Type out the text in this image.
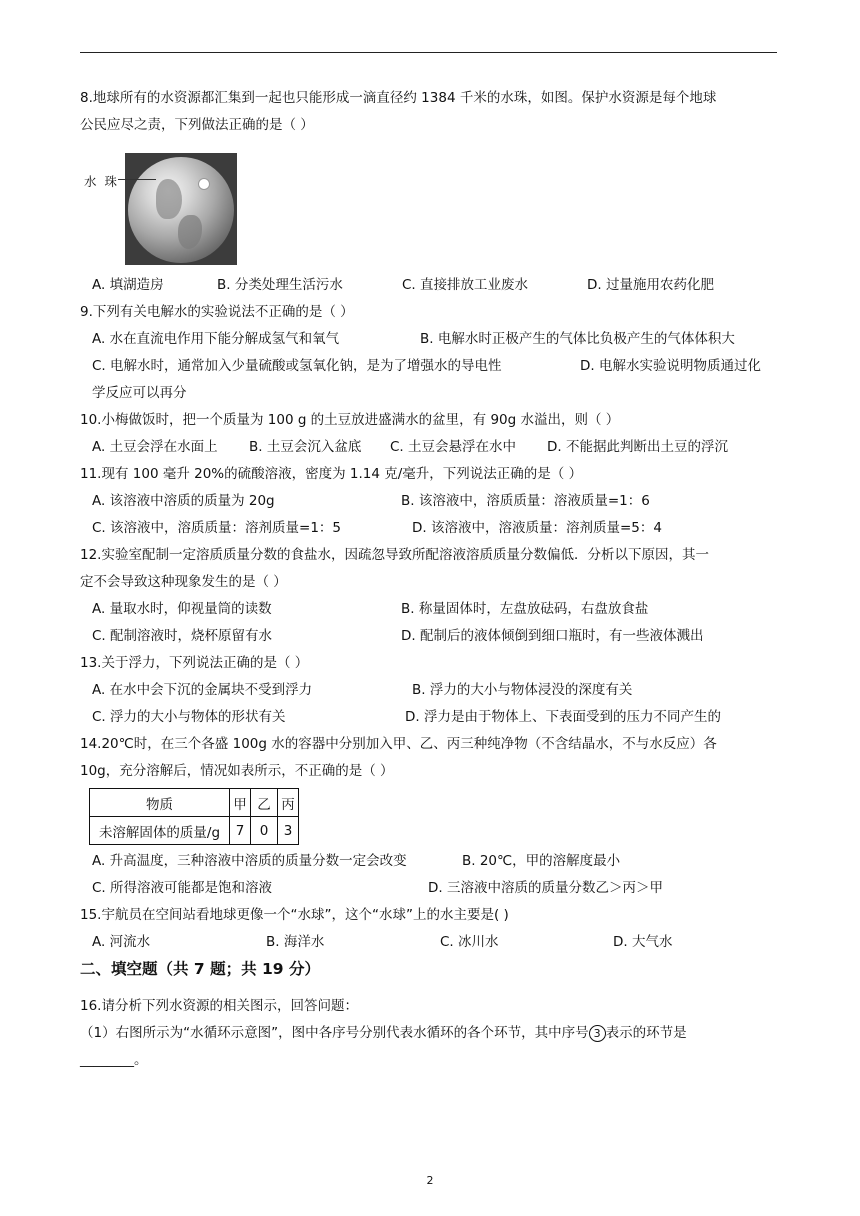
8.地球所有的水资源都汇集到一起也只能形成一滴直径约 1384 千米的水珠，如图。保护水资源是每个地球
公民应尽之责，下列做法正确的是（ ）
水 珠
A. 填湖造房	B. 分类处理生活污水	C. 直接排放工业废水	D. 过量施用农药化肥
9.下列有关电解水的实验说法不正确的是（ ）
A. 水在直流电作用下能分解成氢气和氧气	B. 电解水时正极产生的气体比负极产生的气体体积大
C. 电解水时，通常加入少量硫酸或氢氧化钠，是为了增强水的导电性	D. 电解水实验说明物质通过化
学反应可以再分
10.小梅做饭时，把一个质量为 100 g 的土豆放进盛满水的盆里，有 90g 水溢出，则（ ）
A. 土豆会浮在水面上 B. 土豆会沉入盆底 C. 土豆会悬浮在水中 D. 不能据此判断出土豆的浮沉
11.现有 100 毫升 20%的硫酸溶液，密度为 1.14 克/毫升，下列说法正确的是（ ）
A. 该溶液中溶质的质量为 20g	B. 该溶液中，溶质质量：溶液质量=1：6
C. 该溶液中，溶质质量：溶剂质量=1：5	D. 该溶液中，溶液质量：溶剂质量=5：4
12.实验室配制一定溶质质量分数的食盐水，因疏忽导致所配溶液溶质质量分数偏低．分析以下原因，其一
定不会导致这种现象发生的是（ ）
A. 量取水时，仰视量筒的读数	B. 称量固体时，左盘放砝码，右盘放食盐
C. 配制溶液时，烧杯原留有水	D. 配制后的液体倾倒到细口瓶时，有一些液体溅出
13.关于浮力，下列说法正确的是（ ）
A. 在水中会下沉的金属块不受到浮力	B. 浮力的大小与物体浸没的深度有关
C. 浮力的大小与物体的形状有关	D. 浮力是由于物体上、下表面受到的压力不同产生的
14.20℃时，在三个各盛 100g 水的容器中分别加入甲、乙、丙三种纯净物（不含结晶水，不与水反应）各
10g，充分溶解后，情况如表所示，不正确的是（ ）
物质	甲	乙	丙
未溶解固体的质量/g	7	0	3
A. 升高温度，三种溶液中溶质的质量分数一定会改变	B. 20℃，甲的溶解度最小
C. 所得溶液可能都是饱和溶液	D. 三溶液中溶质的质量分数乙＞丙＞甲
15.宇航员在空间站看地球更像一个“水球”，这个“水球”上的水主要是( )
A. 河流水	B. 海洋水	C. 冰川水	D. 大气水
二、填空题（共 7 题；共 19 分）
16.请分析下列水资源的相关图示，回答问题：
（1）右图所示为“水循环示意图”，图中各序号分别代表水循环的各个环节，其中序号 3 表示的环节是
________。
2
